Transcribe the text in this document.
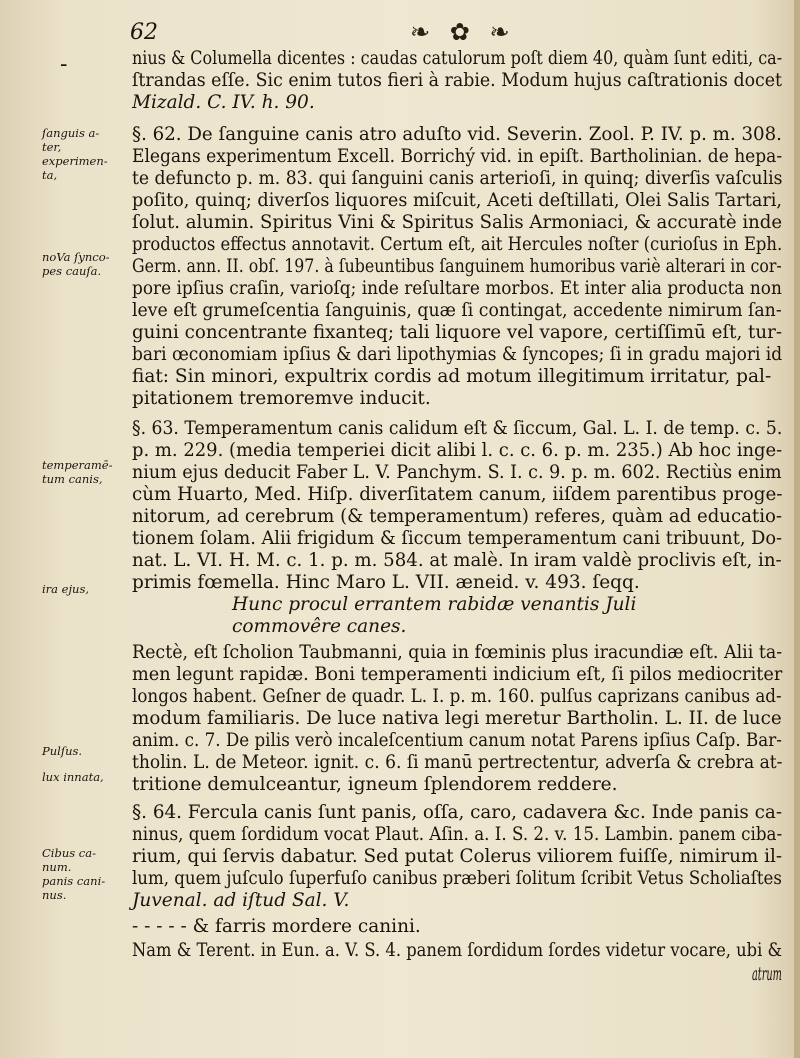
62	❧ ✿ ❧
-
ſanguis a-
ter,
experimen-
ta,
noVa ſynco-
pes cauſa.
temperamē-
tum canis,
ira ejus,
Pulſus.
lux innata,
Cibus ca-
num.
panis cani-
nus.
nius & Columella dicentes : caudas catulorum poſt diem 40, quàm ſunt editi, ca-
ſtrandas eſſe. Sic enim tutos fieri à rabie. Modum hujus caſtrationis docet
Mizald. C. IV. h. 90.
§. 62. De ſanguine canis atro aduſto vid. Severin. Zool. P. IV. p. m. 308.
Elegans experimentum Excell. Borrichý vid. in epiſt. Bartholinian. de hepa-
te defuncto p. m. 83. qui ſanguini canis arterioſi, in quinq; diverſis vaſculis
poſito, quinq; diverſos liquores miſcuit, Aceti deſtillati, Olei Salis Tartari,
ſolut. alumin. Spiritus Vini & Spiritus Salis Armoniaci, & accuratè inde
productos effectus annotavit. Certum eſt, ait Hercules noſter (curioſus in Eph.
Germ. ann. II. obſ. 197. à ſubeuntibus ſanguinem humoribus variè alterari in cor-
pore ipſius craſin, varioſq; inde reſultare morbos. Et inter alia producta non
leve eſt grumeſcentia ſanguinis, quæ ſi contingat, accedente nimirum ſan-
guini concentrante fixanteq; tali liquore vel vapore, certiſſimū eſt, tur-
bari œconomiam ipſius & dari lipothymias & ſyncopes; ſi in gradu majori id
fiat: Sin minori, expultrix cordis ad motum illegitimum irritatur, pal-
pitationem tremoremve inducit.
§. 63. Temperamentum canis calidum eſt & ſiccum, Gal. L. I. de temp. c. 5.
p. m. 229. (media temperiei dicit alibi l. c. c. 6. p. m. 235.) Ab hoc inge-
nium ejus deducit Faber L. V. Panchym. S. I. c. 9. p. m. 602. Rectiùs enim
cùm Huarto, Med. Hiſp. diverſitatem canum, iiſdem parentibus proge-
nitorum, ad cerebrum (& temperamentum) referes, quàm ad educatio-
tionem ſolam. Alii frigidum & ſiccum temperamentum cani tribuunt, Do-
nat. L. VI. H. M. c. 1. p. m. 584. at malè. In iram valdè proclivis eſt, in-
primis fœmella. Hinc Maro L. VII. æneid. v. 493. ſeqq.
Hunc procul errantem rabidæ venantis Juli
commovêre canes.
Rectè, eſt ſcholion Taubmanni, quia in fœminis plus iracundiæ eſt. Alii ta-
men legunt rapidæ. Boni temperamenti indicium eſt, ſi pilos mediocriter
longos habent. Geſner de quadr. L. I. p. m. 160. pulſus caprizans canibus ad-
modum familiaris. De luce nativa legi meretur Bartholin. L. II. de luce
anim. c. 7. De pilis verò incaleſcentium canum notat Parens ipſius Caſp. Bar-
tholin. L. de Meteor. ignit. c. 6. ſi manū pertrectentur, adverſa & crebra at-
tritione demulceantur, igneum ſplendorem reddere.
§. 64. Fercula canis ſunt panis, oſſa, caro, cadavera &c. Inde panis ca-
ninus, quem ſordidum vocat Plaut. Aſin. a. I. S. 2. v. 15. Lambin. panem ciba-
rium, qui ſervis dabatur. Sed putat Colerus viliorem fuiſſe, nimirum il-
lum, quem juſculo ſuperfuſo canibus præberi ſolitum ſcribit Vetus Scholiaſtes
Juvenal. ad iſtud Sal. V.
- - - - - & farris mordere canini.
Nam & Terent. in Eun. a. V. S. 4. panem ſordidum ſordes videtur vocare, ubi &
atrum
